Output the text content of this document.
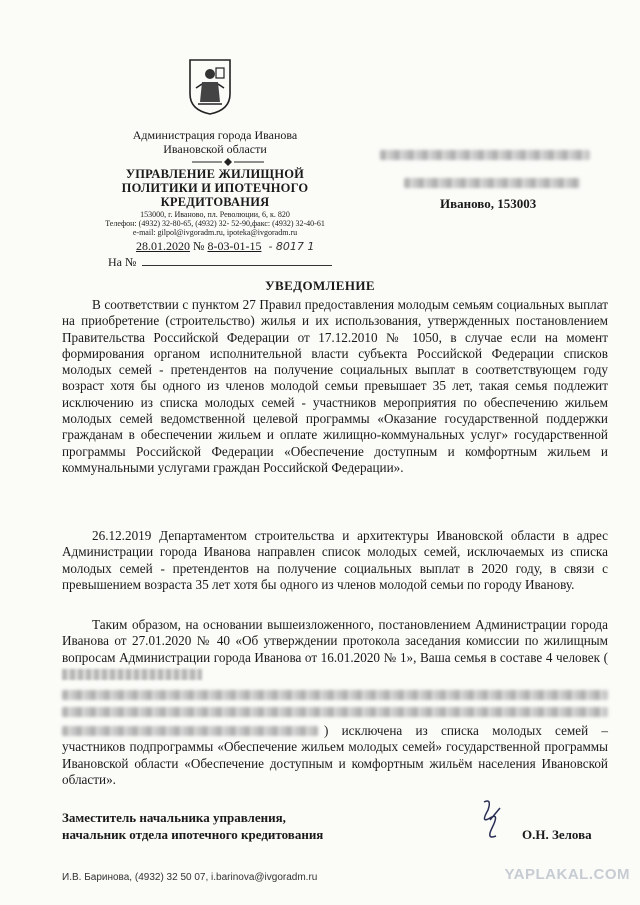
Администрация города Иванова
Ивановской области
УПРАВЛЕНИЕ ЖИЛИЩНОЙ
ПОЛИТИКИ И ИПОТЕЧНОГО
КРЕДИТОВАНИЯ
153000, г. Иваново, пл. Революции, 6, к. 820
Телефон: (4932) 32-80-65, (4932) 32- 52-90,факс: (4932) 32-40-61
e-mail: gilpol@ivgoradm.ru, ipoteka@ivgoradm.ru
28.01.2020 № 8-03-01-15 - 8017 1
На №
Иваново, 153003
УВЕДОМЛЕНИЕ
В соответствии с пунктом 27 Правил предоставления молодым семьям социальных выплат на приобретение (строительство) жилья и их использования, утвержденных постановлением Правительства Российской Федерации от 17.12.2010 № 1050, в случае если на момент формирования органом исполнительной власти субъекта Российской Федерации списков молодых семей - претендентов на получение социальных выплат в соответствующем году возраст хотя бы одного из членов молодой семьи превышает 35 лет, такая семья подлежит исключению из списка молодых семей - участников мероприятия по обеспечению жильем молодых семей ведомственной целевой программы «Оказание государственной поддержки гражданам в обеспечении жильем и оплате жилищно-коммунальных услуг» государственной программы Российской Федерации «Обеспечение доступным и комфортным жильем и коммунальными услугами граждан Российской Федерации».
26.12.2019 Департаментом строительства и архитектуры Ивановской области в адрес Администрации города Иванова направлен список молодых семей, исключаемых из списка молодых семей - претендентов на получение социальных выплат в 2020 году, в связи с превышением возраста 35 лет хотя бы одного из членов молодой семьи по городу Иванову.
Таким образом, на основании вышеизложенного, постановлением Администрации города Иванова от 27.01.2020 № 40 «Об утверждении протокола заседания комиссии по жилищным вопросам Администрации города Иванова от 16.01.2020 № 1», Ваша семья в составе 4 человек (
) исключена из списка молодых семей – участников подпрограммы «Обеспечение жильем молодых семей» государственной программы Ивановской области «Обеспечение доступным и комфортным жильём населения Ивановской области».
Заместитель начальника управления,
начальник отдела ипотечного кредитования	О.Н. Зелова
И.В. Баринова, (4932) 32 50 07, i.barinova@ivgoradm.ru	YAPLAKAL.COM
